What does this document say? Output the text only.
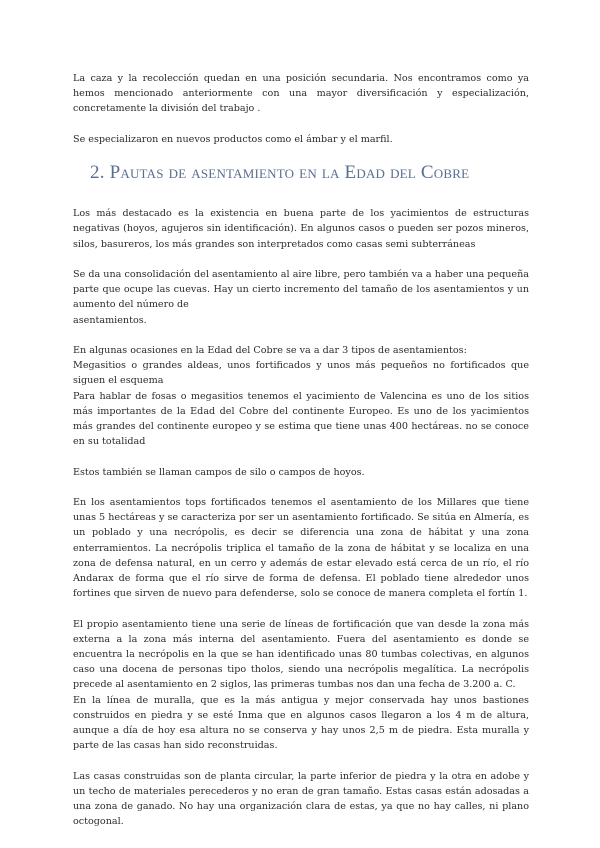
La caza y la recolección quedan en una posición secundaria. Nos encontramos como ya hemos mencionado anteriormente con una mayor diversificación y especialización, concretamente la división del trabajo .

Se especializaron en nuevos productos como el ámbar y el marfil.

2. Pautas de asentamiento en la Edad del Cobre

Los más destacado es la existencia en buena parte de los yacimientos de estructuras negativas (hoyos, agujeros sin identificación). En algunos casos o pueden ser pozos mineros, silos, basureros, los más grandes son interpretados como casas semi subterráneas

Se da una consolidación del asentamiento al aire libre, pero también va a haber una pequeña parte que ocupe las cuevas. Hay un cierto incremento del tamaño de los asentamientos y un aumento del número de
asentamientos.

En algunas ocasiones en la Edad del Cobre se va a dar 3 tipos de asentamientos:
Megasitios o grandes aldeas, unos fortificados y unos más pequeños no fortificados que siguen el esquema
Para hablar de fosas o megasitios tenemos el yacimiento de Valencina es uno de los sitios más importantes de la Edad del Cobre del continente Europeo. Es uno de los yacimientos más grandes del continente europeo y se estima que tiene unas 400 hectáreas. no se conoce en su totalidad

Estos también se llaman campos de silo o campos de hoyos.

En los asentamientos tops fortificados tenemos el asentamiento de los Millares que tiene unas 5 hectáreas y se caracteriza por ser un asentamiento fortificado. Se sitúa en Almería, es un poblado y una necrópolis, es decir se diferencia una zona de hábitat y una zona enterramientos. La necrópolis triplica el tamaño de la zona de hábitat y se localiza en una zona de defensa natural, en un cerro y además de estar elevado está cerca de un río, el río Andarax de forma que el río sirve de forma de defensa. El poblado tiene alrededor unos fortines que sirven de nuevo para defenderse, solo se conoce de manera completa el fortín 1.

El propio asentamiento tiene una serie de líneas de fortificación que van desde la zona más externa a la zona más interna del asentamiento. Fuera del asentamiento es donde se encuentra la necrópolis en la que se han identificado unas 80 tumbas colectivas, en algunos caso una docena de personas tipo tholos, siendo una necrópolis megalítica. La necrópolis precede al asentamiento en 2 siglos, las primeras tumbas nos dan una fecha de 3.200 a. C.
En la línea de muralla, que es la más antigua y mejor conservada hay unos bastiones construidos en piedra y se esté Inma que en algunos casos llegaron a los 4 m de altura, aunque a día de hoy esa altura no se conserva y hay unos 2,5 m de piedra. Esta muralla y parte de las casas han sido reconstruidas.

Las casas construidas son de planta circular, la parte inferior de piedra y la otra en adobe y un techo de materiales perecederos y no eran de gran tamaño. Estas casas están adosadas a una zona de ganado. No hay una organización clara de estas, ya que no hay calles, ni plano octogonal.
